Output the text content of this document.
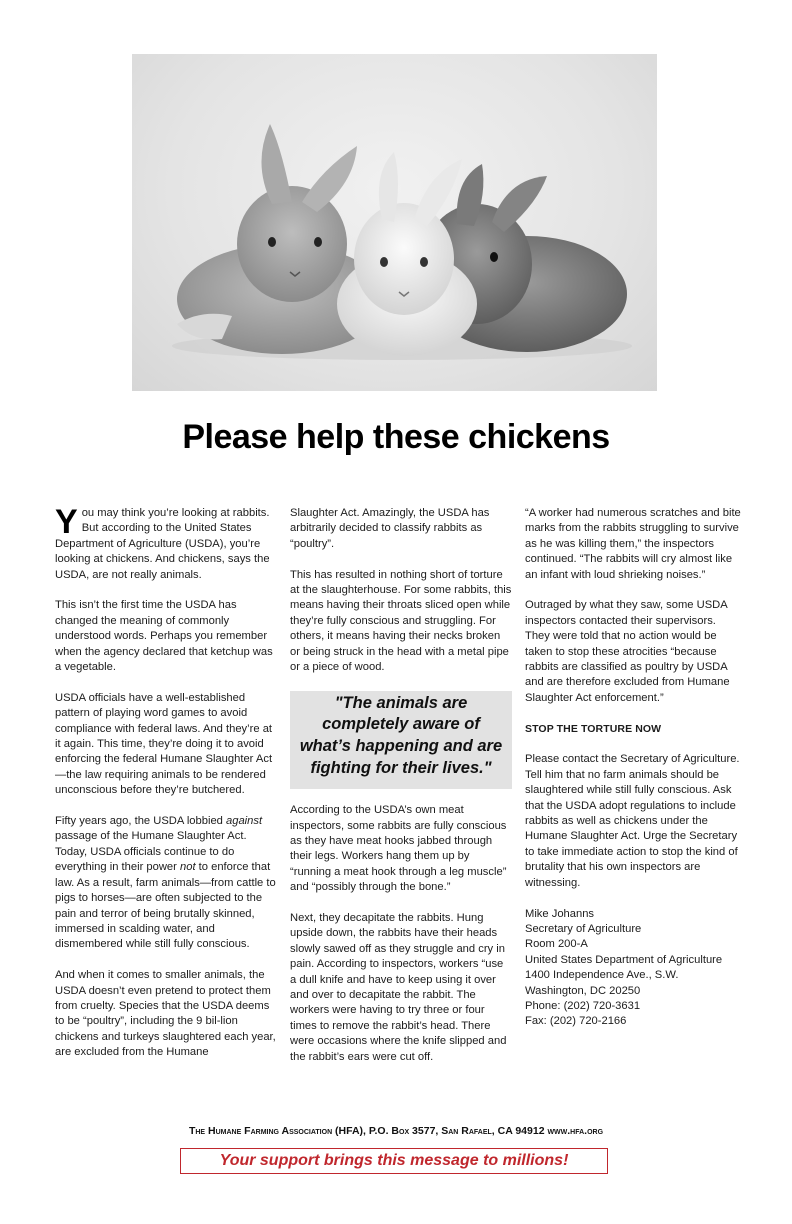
Please help these chickens

You may think you’re looking at rabbits. But according to the United States Department of Agriculture (USDA), you’re looking at chickens. And chickens, says the USDA, are not really animals.

This isn’t the first time the USDA has changed the meaning of commonly understood words. Perhaps you remember when the agency declared that ketchup was a vegetable.

USDA officials have a well-established pattern of playing word games to avoid compliance with federal laws. And they’re at it again. This time, they’re doing it to avoid enforcing the federal Humane Slaughter Act—the law requiring animals to be rendered unconscious before they’re butchered.

Fifty years ago, the USDA lobbied against passage of the Humane Slaughter Act. Today, USDA officials continue to do everything in their power not to enforce that law. As a result, farm animals—from cattle to pigs to horses—are often subjected to the pain and terror of being brutally skinned, immersed in scalding water, and dismembered while still fully conscious.

And when it comes to smaller animals, the USDA doesn’t even pretend to protect them from cruelty. Species that the USDA deems to be “poultry”, including the 9 bil-lion chickens and turkeys slaughtered each year, are excluded from the Humane

Slaughter Act. Amazingly, the USDA has arbitrarily decided to classify rabbits as “poultry”.

This has resulted in nothing short of torture at the slaughterhouse. For some rabbits, this means having their throats sliced open while they’re fully conscious and struggling. For others, it means having their necks broken or being struck in the head with a metal pipe or a piece of wood.

"The animals are completely aware of what’s happening and are fighting for their lives."

According to the USDA’s own meat inspectors, some rabbits are fully conscious as they have meat hooks jabbed through their legs. Workers hang them up by “running a meat hook through a leg muscle” and “possibly through the bone.”

Next, they decapitate the rabbits. Hung upside down, the rabbits have their heads slowly sawed off as they struggle and cry in pain. According to inspectors, workers “use a dull knife and have to keep using it over and over to decapitate the rabbit. The workers were having to try three or four times to remove the rabbit’s head. There were occasions where the knife slipped and the rabbit’s ears were cut off.

“A worker had numerous scratches and bite marks from the rabbits struggling to survive as he was killing them,” the inspectors continued. “The rabbits will cry almost like an infant with loud shrieking noises.”

Outraged by what they saw, some USDA inspectors contacted their supervisors. They were told that no action would be taken to stop these atrocities “because rabbits are classified as poultry by USDA and are therefore excluded from Humane Slaughter Act enforcement.”

STOP THE TORTURE NOW

Please contact the Secretary of Agriculture. Tell him that no farm animals should be slaughtered while still fully conscious. Ask that the USDA adopt regulations to include rabbits as well as chickens under the Humane Slaughter Act. Urge the Secretary to take immediate action to stop the kind of brutality that his own inspectors are witnessing.

Mike Johanns
Secretary of Agriculture
Room 200-A
United States Department of Agriculture
1400 Independence Ave., S.W.
Washington, DC 20250
Phone: (202) 720-3631
Fax: (202) 720-2166
The Humane Farming Association (HFA), P.O. Box 3577, San Rafael, CA 94912 www.hfa.org
Your support brings this message to millions!
